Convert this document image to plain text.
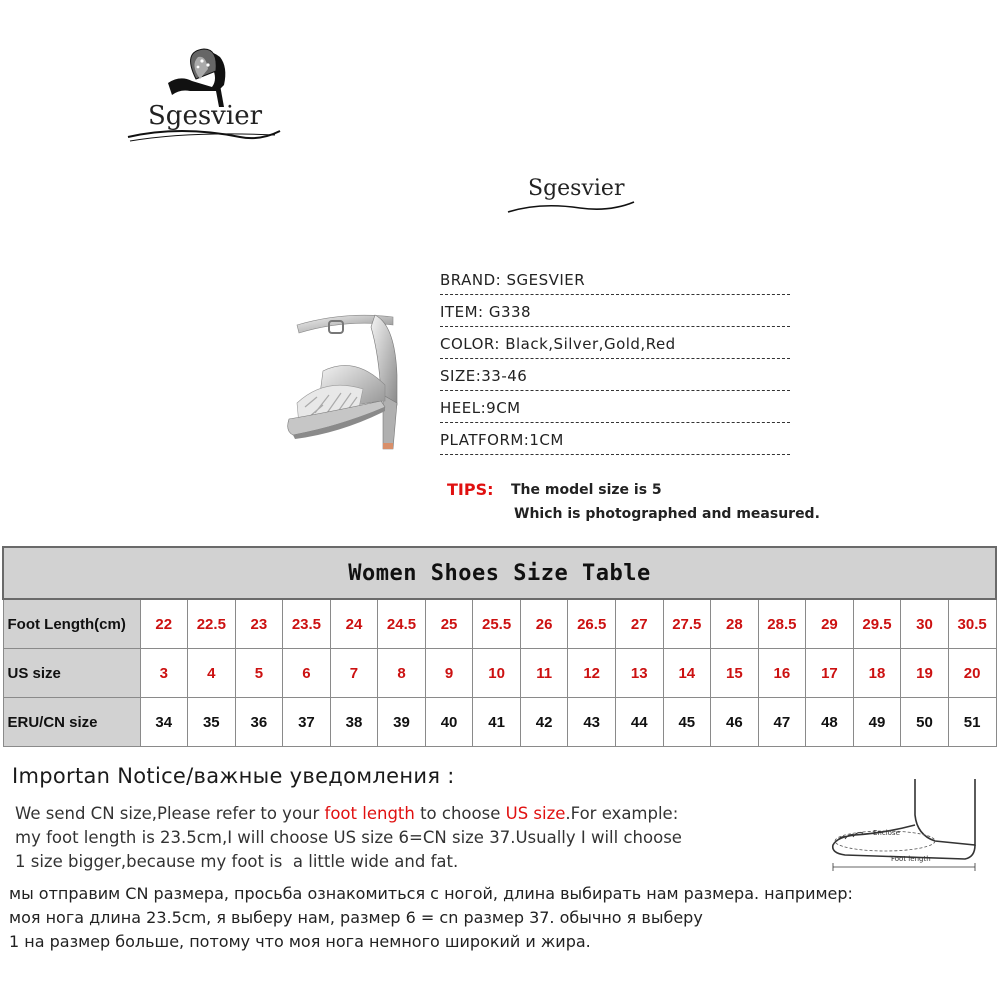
Sgesvier
Sgesvier
BRAND: SGESVIER
ITEM: G338
COLOR: Black,Silver,Gold,Red
SIZE:33-46
HEEL:9CM
PLATFORM:1CM
TIPS: The model size is 5
Which is photographed and measured.
Women Shoes Size Table																		
Foot Length(cm)	22	22.5	23	23.5	24	24.5	25	25.5	26	26.5	27	27.5	28	28.5	29	29.5	30	30.5
US size	3	4	5	6	7	8	9	10	11	12	13	14	15	16	17	18	19	20
ERU/CN size	34	35	36	37	38	39	40	41	42	43	44	45	46	47	48	49	50	51
Importan Notice/важные уведомления :
We send CN size,Please refer to your foot length to choose US size.For example:
my foot length is 23.5cm,I will choose US size 6=CN size 37.Usually I will choose
1 size bigger,because my foot is  a little wide and fat.
мы отправим CN размера, просьба ознакомиться с ногой, длина выбирать нам размера. например:
моя нога длина 23.5cm, я выберу нам, размер 6 = cn размер 37. обычно я выберу
1 на размер больше, потому что моя нога немного широкий и жира.
Enclose
Foot length
